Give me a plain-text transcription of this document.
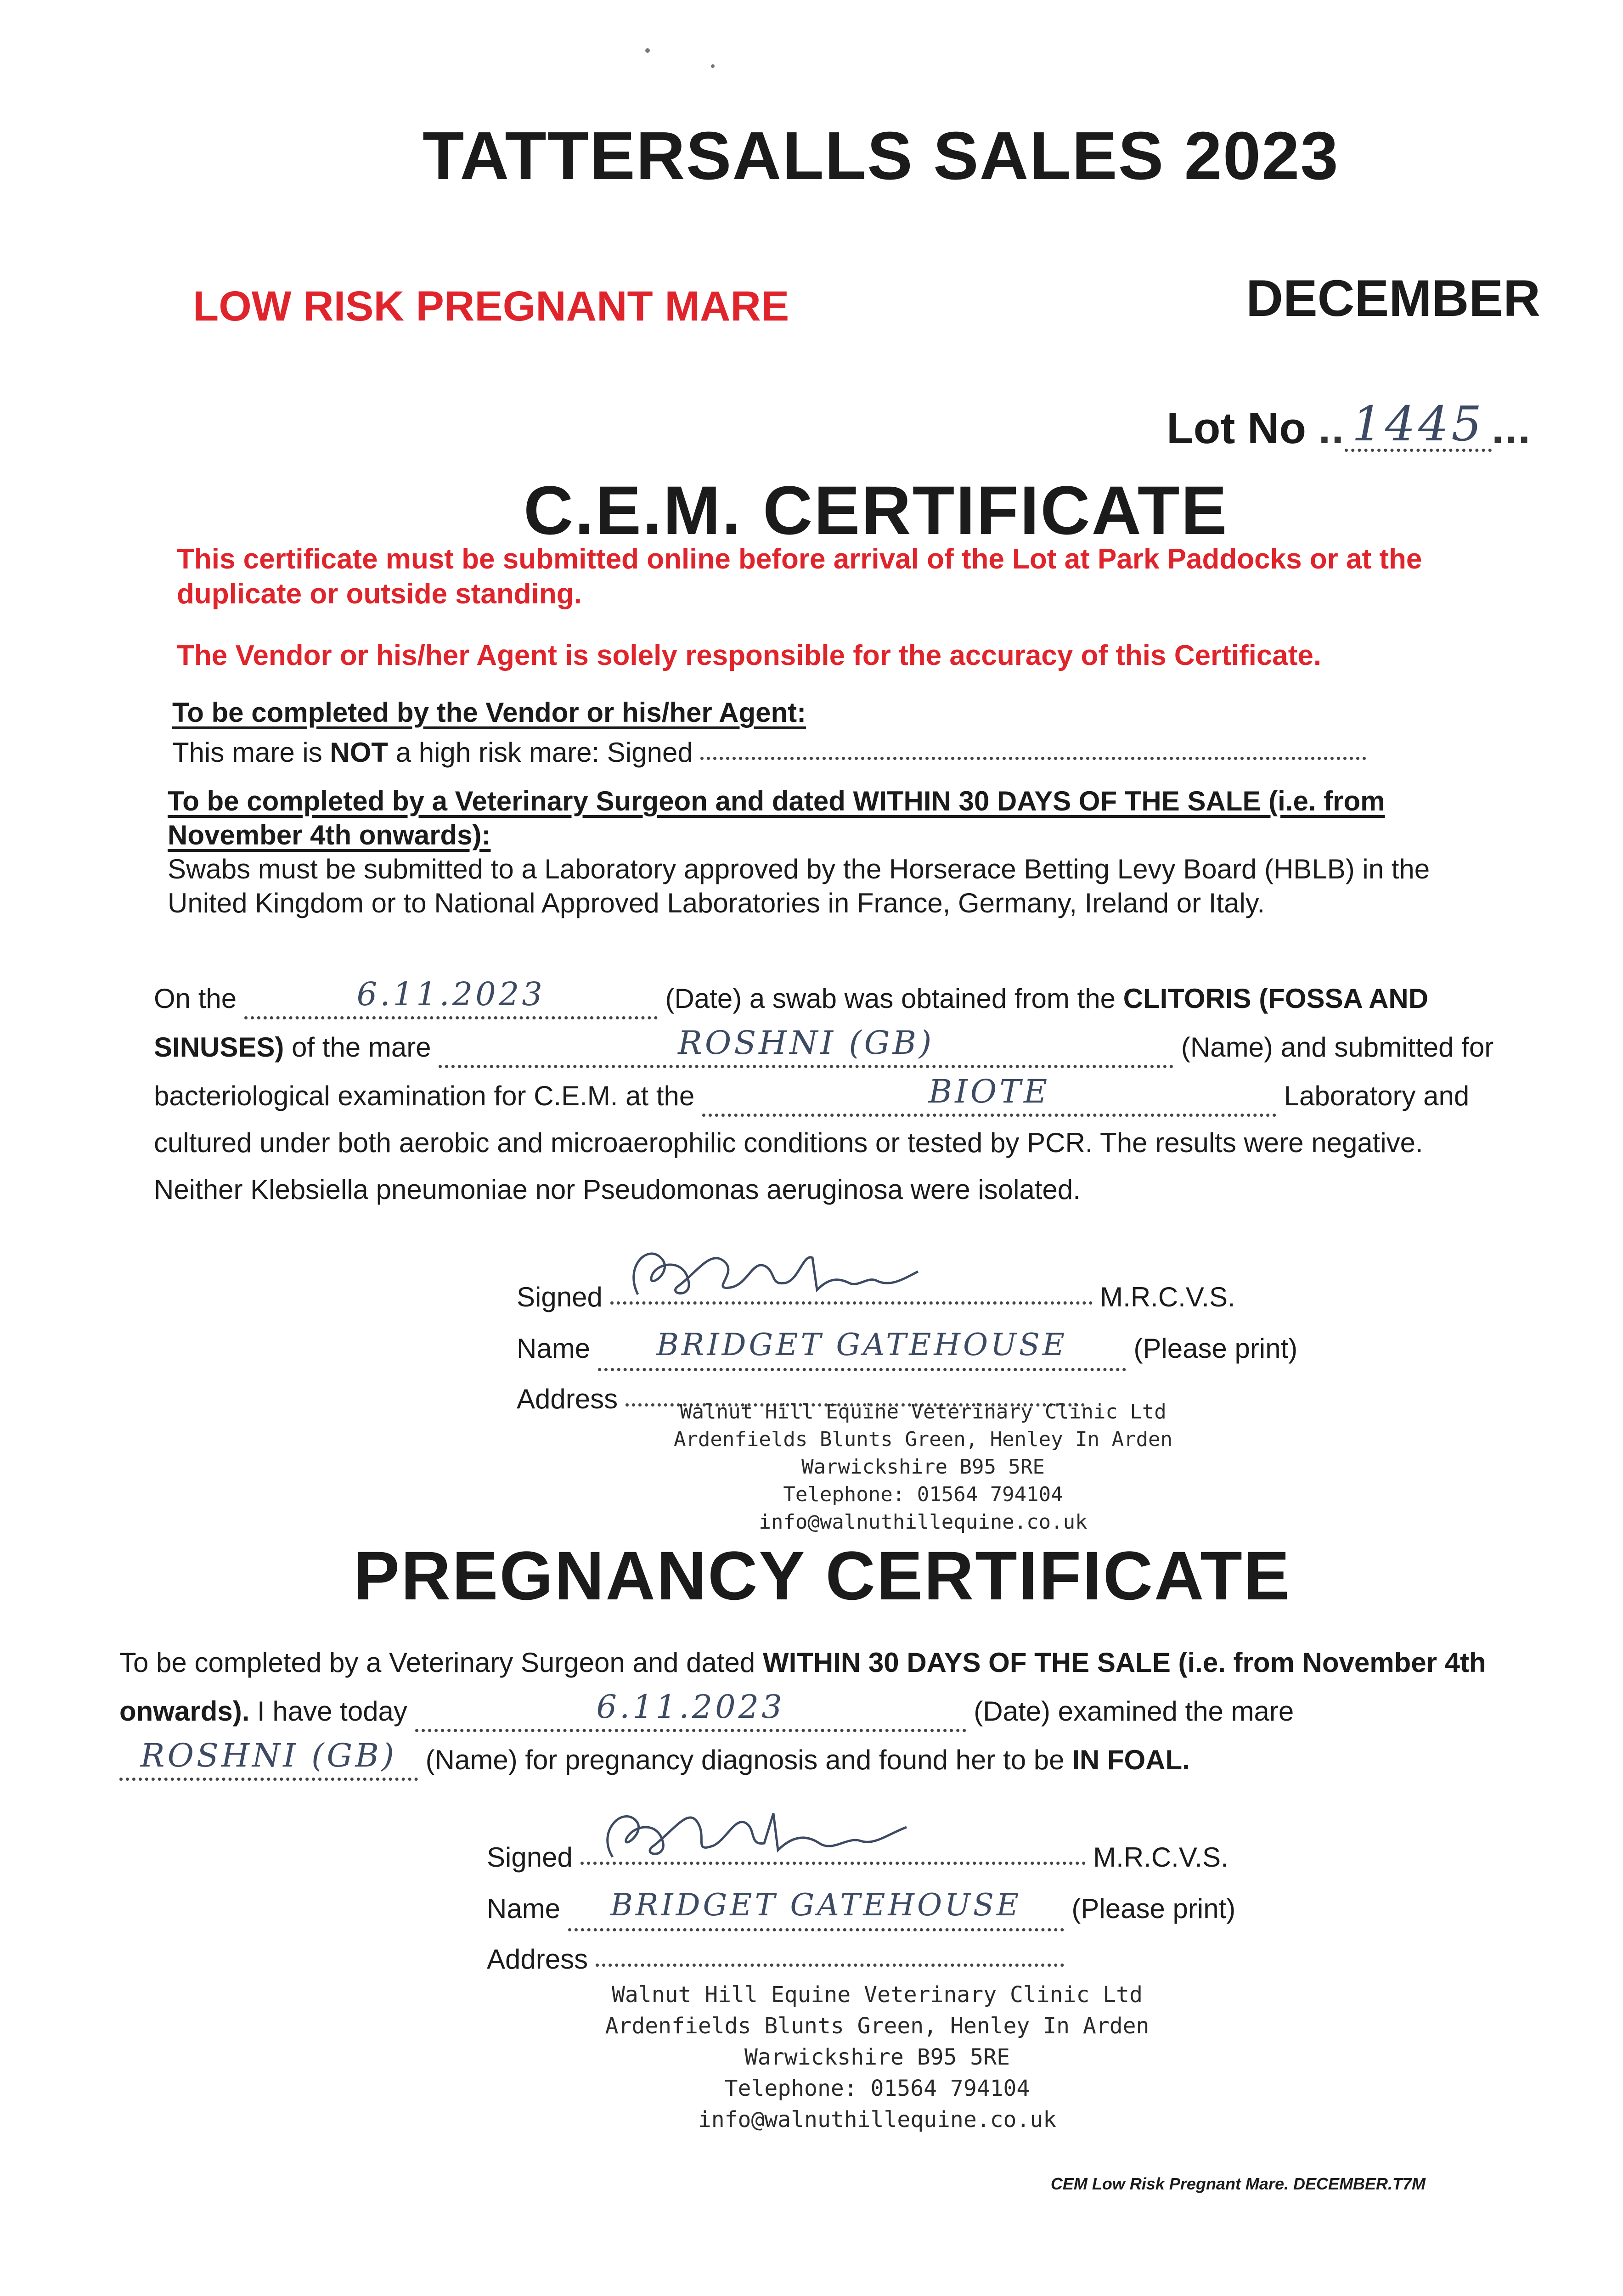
TATTERSALLS SALES 2023
LOW RISK PREGNANT MARE	DECEMBER
Lot No .. 1445 ...
C.E.M. CERTIFICATE
This certificate must be submitted online before arrival of the Lot at Park Paddocks or at the duplicate or outside standing.
The Vendor or his/her Agent is solely responsible for the accuracy of this Certificate.
To be completed by the Vendor or his/her Agent:
This mare is NOT a high risk mare: Signed
To be completed by a Veterinary Surgeon and dated WITHIN 30 DAYS OF THE SALE (i.e. from November 4th onwards):
Swabs must be submitted to a Laboratory approved by the Horserace Betting Levy Board (HBLB) in the United Kingdom or to National Approved Laboratories in France, Germany, Ireland or Italy.
On the	6.11.2023	(Date) a swab was obtained from the CLITORIS (FOSSA AND SINUSES) of the mare	ROSHNI (GB)	(Name) and submitted for bacteriological examination for C.E.M. at the	BIOTE	Laboratory and cultured under both aerobic and microaerophilic conditions or tested by PCR. The results were negative. Neither Klebsiella pneumoniae nor Pseudomonas aeruginosa were isolated.
Signed	M.R.C.V.S.
Name BRIDGET GATEHOUSE (Please print)
Address	Walnut Hill Equine Veterinary Clinic Ltd
Ardenfields Blunts Green, Henley In Arden
Warwickshire B95 5RE
Telephone: 01564 794104
info@walnuthillequine.co.uk
PREGNANCY CERTIFICATE
To be completed by a Veterinary Surgeon and dated WITHIN 30 DAYS OF THE SALE (i.e. from November 4th onwards). I have today	6.11.2023	(Date) examined the mare ROSHNI (GB) (Name) for pregnancy diagnosis and found her to be IN FOAL.
Signed	M.R.C.V.S.
Name BRIDGET GATEHOUSE (Please print)
Address
Walnut Hill Equine Veterinary Clinic Ltd
Ardenfields Blunts Green, Henley In Arden
Warwickshire B95 5RE
Telephone: 01564 794104
info@walnuthillequine.co.uk
CEM Low Risk Pregnant Mare. DECEMBER.T7M
